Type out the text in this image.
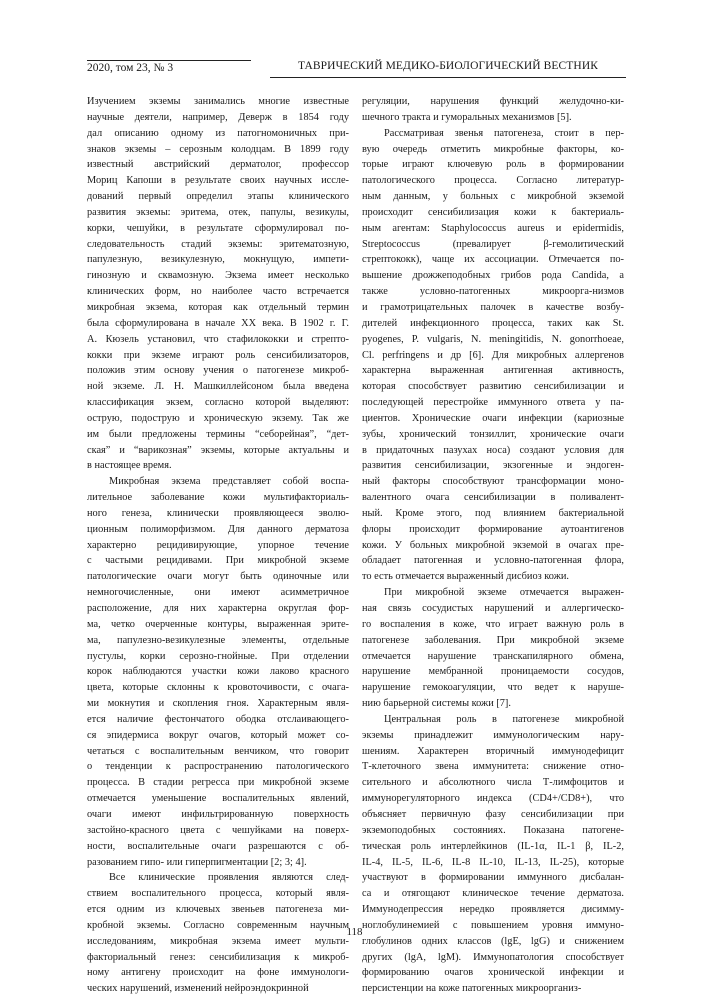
2020, том 23, № 3	ТАВРИЧЕСКИЙ МЕДИКО-БИОЛОГИЧЕСКИЙ ВЕСТНИК

Изучением экземы занимались многие известные
научные деятели, например, Деверж в 1854 году
дал описанию одному из патогномоничных при-
знаков экземы – серозным колодцам. В 1899 году
известный австрийский дерматолог, профессор
Мориц Капоши в результате своих научных иссле-
дований первый определил этапы клинического
развития экземы: эритема, отек, папулы, везикулы,
корки, чешуйки, в результате сформулировал по-
следовательность стадий экземы: эритематозную,
папулезную, везикулезную, мокнущую, импети-
гинозную и сквамозную. Экзема имеет несколько
клинических форм, но наиболее часто встречается
микробная экзема, которая как отдельный термин
была сформулирована в начале XX века. В 1902 г. Г.
А. Кюзель установил, что стафилококки и стрепто-
кокки при экземе играют роль сенсибилизаторов,
положив этим основу учения о патогенезе микроб-
ной экземе. Л. Н. Машкиллейсоном была введена
классификация экзем, согласно которой выделяют:
острую, подострую и хроническую экзему. Так же
им были предложены термины “себорейная”, “дет-
ская” и “варикозная” экземы, которые актуальны и
в настоящее время.

Микробная экзема представляет собой воспа-
лительное заболевание кожи мультифакториаль-
ного генеза, клинически проявляющееся эволю-
ционным полиморфизмом. Для данного дерматоза
характерно рецидивирующие, упорное течение
с частыми рецидивами. При микробной экземе
патологические очаги могут быть одиночные или
немногочисленные, они имеют асимметричное
расположение, для них характерна округлая фор-
ма, четко очерченные контуры, выраженная эрите-
ма, папулезно-везикулезные элементы, отдельные
пустулы, корки серозно-гнойные. При отделении
корок наблюдаются участки кожи лаково красного
цвета, которые склонны к кровоточивости, с очага-
ми мокнутия и скопления гноя. Характерным явля-
ется наличие фестончатого ободка отслаивающего-
ся эпидермиса вокруг очагов, который может со-
четаться с воспалительным венчиком, что говорит
о тенденции к распространению патологического
процесса. В стадии регресса при микробной экземе
отмечается уменьшение воспалительных явлений,
очаги имеют инфильтрированную поверхность
застойно-красного цвета с чешуйками на поверх-
ности, воспалительные очаги разрешаются с об-
разованием гипо- или гиперпигментации [2; 3; 4].

Все клинические проявления являются след-
ствием воспалительного процесса, который явля-
ется одним из ключевых звеньев патогенеза ми-
кробной экземы. Согласно современным научным
исследованиям, микробная экзема имеет мульти-
факториальный генез: сенсибилизация к микроб-
ному антигену происходит на фоне иммунологи-
ческих нарушений, изменений нейроэндокринной

регуляции, нарушения функций желудочно-ки-
шечного тракта и гуморальных механизмов [5].

Рассматривая звенья патогенеза, стоит в пер-
вую очередь отметить микробные факторы, ко-
торые играют ключевую роль в формировании
патологического процесса. Согласно литератур-
ным данным, у больных с микробной экземой
происходит сенсибилизация кожи к бактериаль-
ным агентам: Staphylococcus aureus и epidermidis,
Streptococcus (превалирует β-гемолитический
стрептококк), чаще их ассоциации. Отмечается по-
вышение дрожжеподобных грибов рода Candida, а
также условно-патогенных микроорга-низмов
и грамотрицательных палочек в качестве возбу-
дителей инфекционного процесса, таких как St.
pyogenes, P. vulgaris, N. meningitidis, N. gonorrhoeae,
Cl. perfringens и др [6]. Для микробных аллергенов
характерна выраженная антигенная активность,
которая способствует развитию сенсибилизации и
последующей перестройке иммунного ответа у па-
циентов. Хронические очаги инфекции (кариозные
зубы, хронический тонзиллит, хронические очаги
в придаточных пазухах носа) создают условия для
развития сенсибилизации, экзогенные и эндоген-
ный факторы способствуют трансформации моно-
валентного очага сенсибилизации в поливалент-
ный. Кроме этого, под влиянием бактериальной
флоры происходит формирование аутоантигенов
кожи. У больных микробной экземой в очагах пре-
обладает патогенная и условно-патогенная флора,
то есть отмечается выраженный дисбиоз кожи.

При микробной экземе отмечается выражен-
ная связь сосудистых нарушений и аллергическо-
го воспаления в коже, что играет важную роль в
патогенезе заболевания. При микробной экземе
отмечается нарушение транскапилярного обмена,
нарушение мембранной проницаемости сосудов,
нарушение гемокоагуляции, что ведет к наруше-
нию барьерной системы кожи [7].

Центральная роль в патогенезе микробной
экземы принадлежит иммунологическим нару-
шениям. Характерен вторичный иммунодефицит
Т-клеточного звена иммунитета: снижение отно-
сительного и абсолютного числа Т-лимфоцитов и
иммунорегуляторного индекса (CD4+/CD8+), что
объясняет первичную фазу сенсибилизации при
экземоподобных состояниях. Показана патогене-
тическая роль интерлейкинов (IL-1α, IL-1 β, IL-2,
IL-4, IL-5, IL-6, IL-8 IL-10, IL-13, IL-25), которые
участвуют в формировании иммунного дисбалан-
са и отягощают клиническое течение дерматоза.
Иммунодепрессия нередко проявляется дисимму-
ноглобулинемией с повышением уровня иммуно-
глобулинов одних классов (lgE, lgG) и снижением
других (lgA, lgM). Иммунопатология способствует
формированию очагов хронической инфекции и
персистенции на коже патогенных микроорганиз-

118
